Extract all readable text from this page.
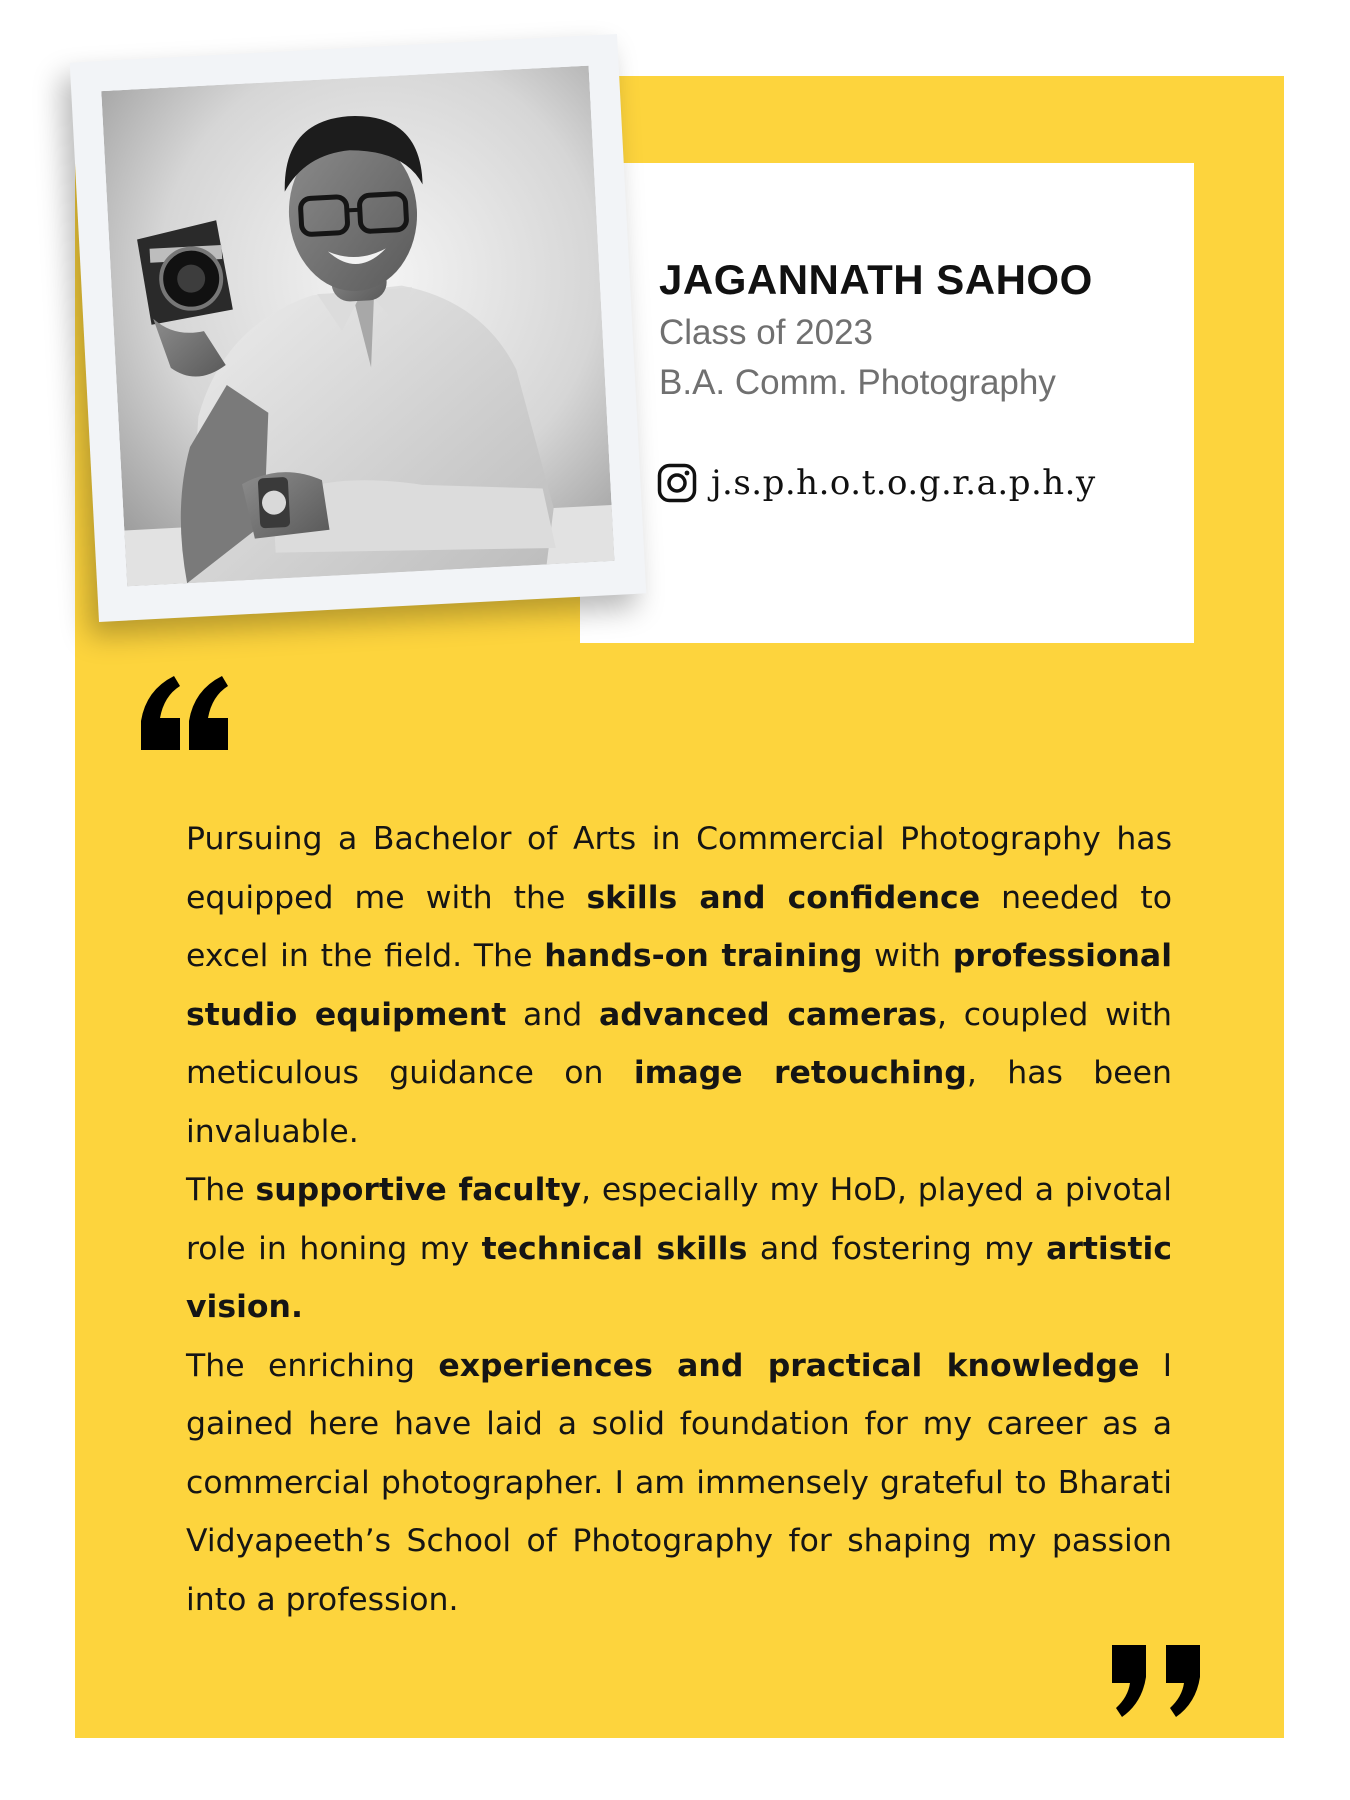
JAGANNATH SAHOO

Class of 2023

B.A. Comm. Photography

j.s.p.h.o.t.o.g.r.a.p.h.y

Pursuing a Bachelor of Arts in Commercial Photography has equipped me with the skills and confidence needed to excel in the field. The hands-on training with professional studio equipment and advanced cameras, coupled with meticulous guidance on image retouching, has been invaluable.

The supportive faculty, especially my HoD, played a pivotal role in honing my technical skills and fostering my artistic vision.

The enriching experiences and practical knowledge I gained here have laid a solid foundation for my career as a commercial photographer. I am immensely grateful to Bharati Vidyapeeth’s School of Photography for shaping my passion into a profession.
